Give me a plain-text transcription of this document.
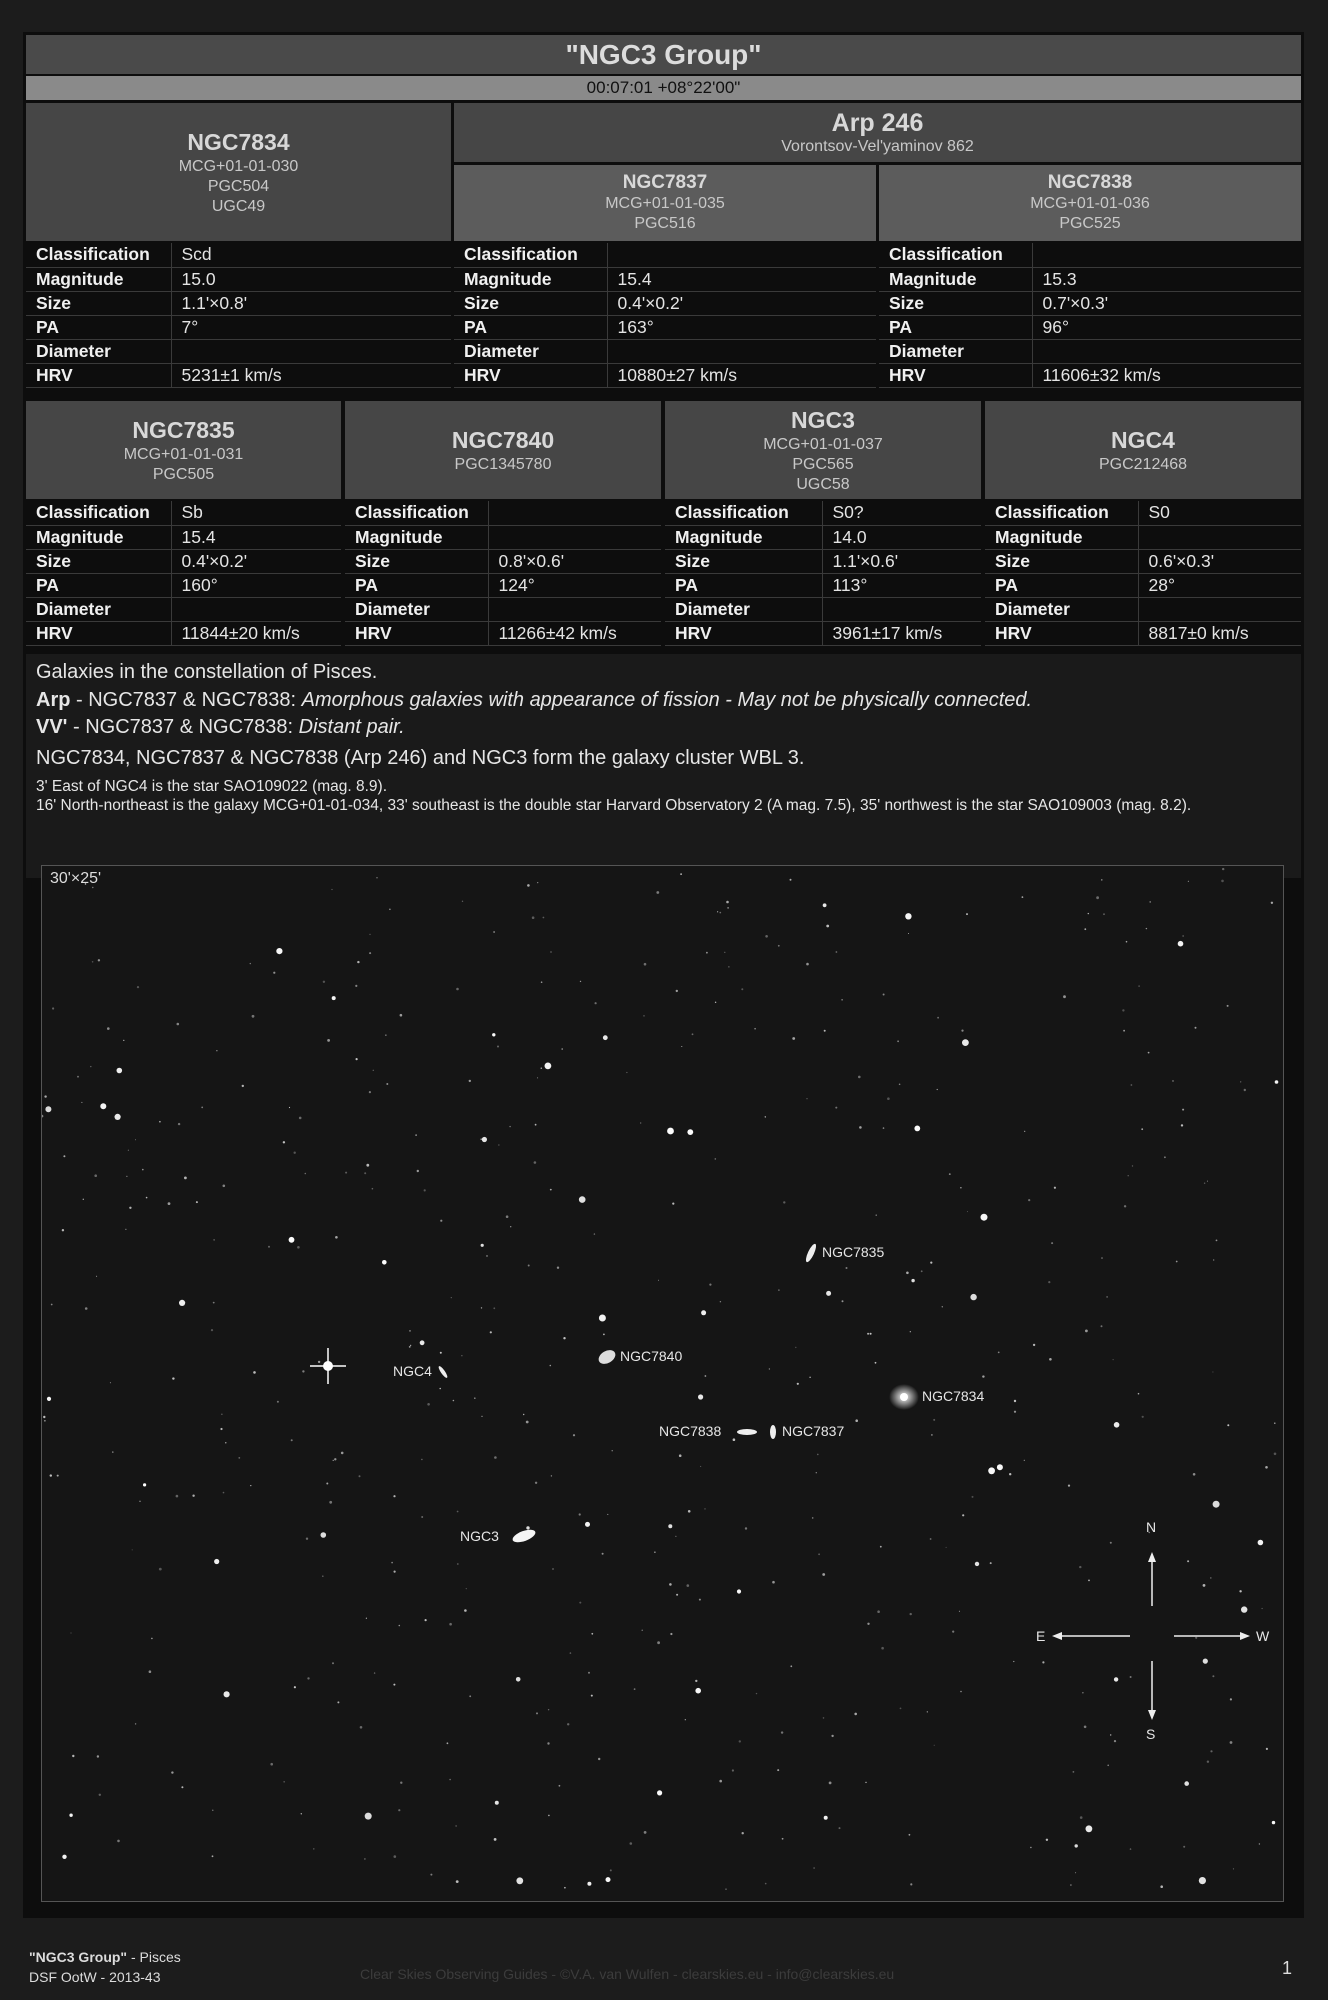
"NGC3 Group"
00:07:01 +08°22'00"
NGC7834
MCG+01-01-030
PGC504
UGC49
Arp 246
Vorontsov-Vel'yaminov 862
NGC7837
MCG+01-01-035
PGC516
NGC7838
MCG+01-01-036
PGC525
Classification	Scd
Magnitude	15.0
Size	1.1'×0.8'
PA	7°
Diameter	
HRV	5231±1 km/s
Classification	
Magnitude	15.4
Size	0.4'×0.2'
PA	163°
Diameter	
HRV	10880±27 km/s
Classification	
Magnitude	15.3
Size	0.7'×0.3'
PA	96°
Diameter	
HRV	11606±32 km/s
NGC7835
MCG+01-01-031
PGC505
NGC7840
PGC1345780
NGC3
MCG+01-01-037
PGC565
UGC58
NGC4
PGC212468
Classification	Sb
Magnitude	15.4
Size	0.4'×0.2'
PA	160°
Diameter	
HRV	11844±20 km/s
Classification	
Magnitude	
Size	0.8'×0.6'
PA	124°
Diameter	
HRV	11266±42 km/s
Classification	S0?
Magnitude	14.0
Size	1.1'×0.6'
PA	113°
Diameter	
HRV	3961±17 km/s
Classification	S0
Magnitude	
Size	0.6'×0.3'
PA	28°
Diameter	
HRV	8817±0 km/s

Galaxies in the constellation of Pisces.

Arp - NGC7837 & NGC7838: Amorphous galaxies with appearance of fission - May not be physically connected.

VV' - NGC7837 & NGC7838: Distant pair.

NGC7834, NGC7837 & NGC7838 (Arp 246) and NGC3 form the galaxy cluster WBL 3.

3' East of NGC4 is the star SAO109022 (mag. 8.9).

16' North-northeast is the galaxy MCG+01-01-034, 33' southeast is the double star Harvard Observatory 2 (A mag. 7.5), 35' northwest is the star SAO109003 (mag. 8.2).

30'×25'
NGC7835
NGC7840
NGC4
NGC7834
NGC7838	NGC7837
NGC3
N
S
E	W
"NGC3 Group" - Pisces
DSF OotW - 2013-43	Clear Skies Observing Guides - ©V.A. van Wulfen - clearskies.eu - info@clearskies.eu	1
